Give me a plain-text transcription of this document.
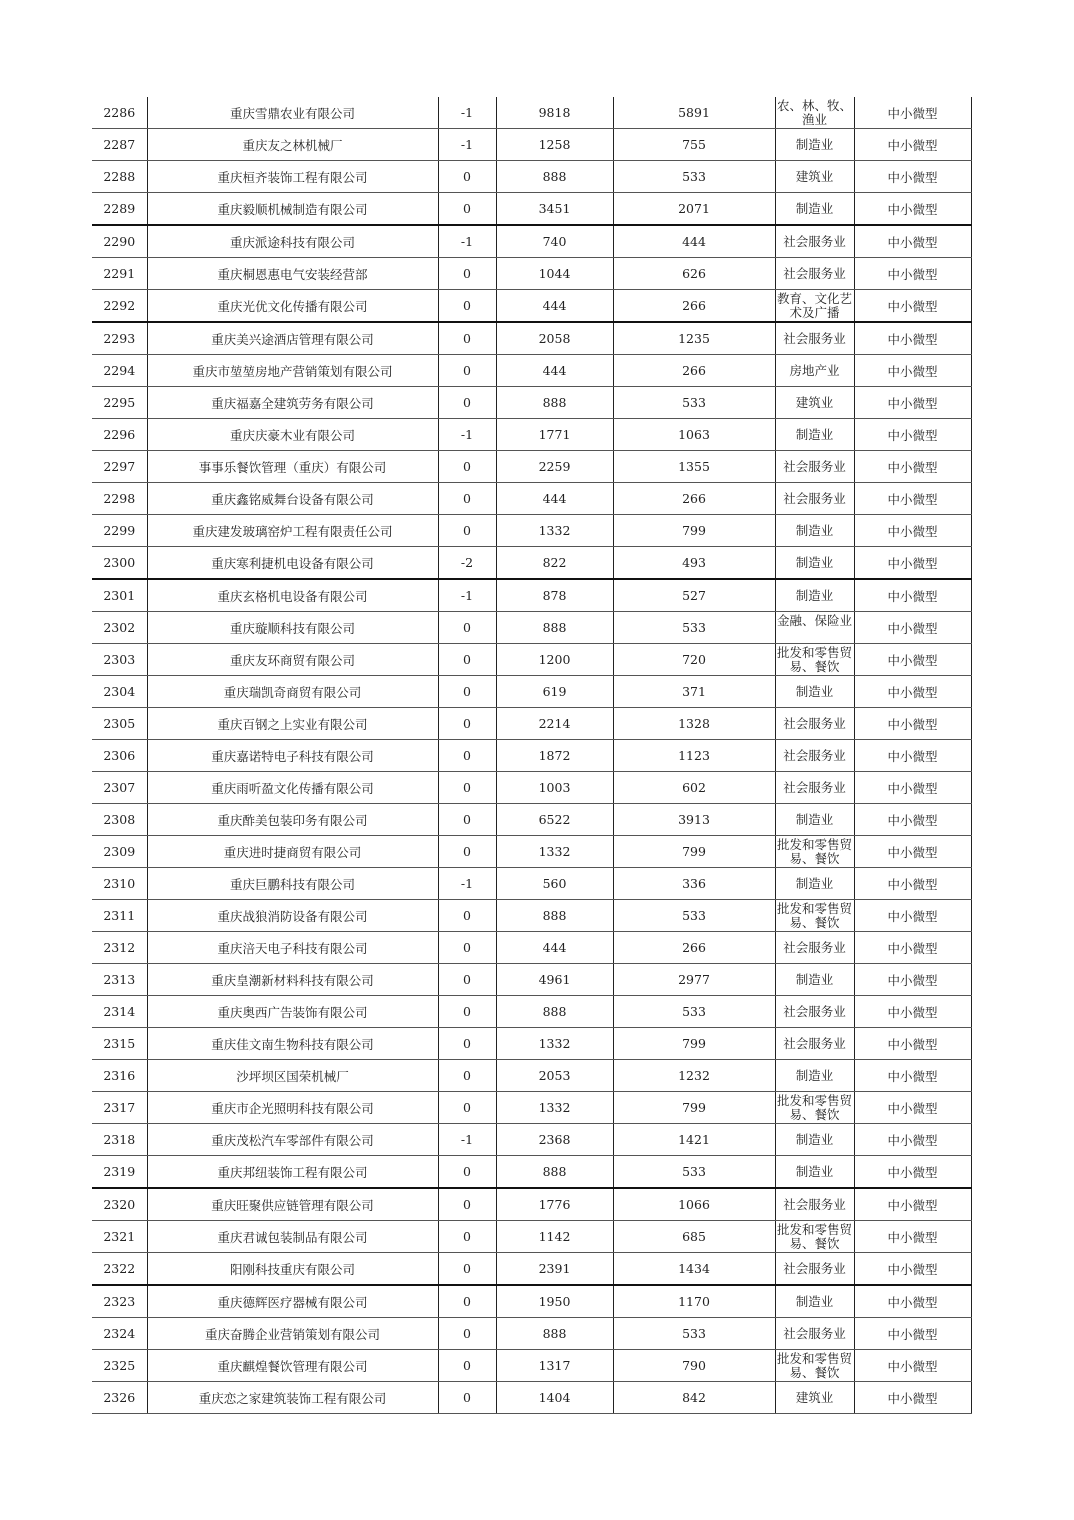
2286	重庆雪鼎农业有限公司	-1	9818	5891	农、林、牧、渔业	中小微型
2287	重庆友之林机械厂	-1	1258	755	制造业	中小微型
2288	重庆桓齐装饰工程有限公司	0	888	533	建筑业	中小微型
2289	重庆毅顺机械制造有限公司	0	3451	2071	制造业	中小微型
2290	重庆派途科技有限公司	-1	740	444	社会服务业	中小微型
2291	重庆桐恩惠电气安装经营部	0	1044	626	社会服务业	中小微型
2292	重庆光优文化传播有限公司	0	444	266	教育、文化艺术及广播	中小微型
2293	重庆美兴途酒店管理有限公司	0	2058	1235	社会服务业	中小微型
2294	重庆市堃堃房地产营销策划有限公司	0	444	266	房地产业	中小微型
2295	重庆福嘉全建筑劳务有限公司	0	888	533	建筑业	中小微型
2296	重庆庆豪木业有限公司	-1	1771	1063	制造业	中小微型
2297	事事乐餐饮管理（重庆）有限公司	0	2259	1355	社会服务业	中小微型
2298	重庆鑫铭威舞台设备有限公司	0	444	266	社会服务业	中小微型
2299	重庆建发玻璃窑炉工程有限责任公司	0	1332	799	制造业	中小微型
2300	重庆寒利捷机电设备有限公司	-2	822	493	制造业	中小微型
2301	重庆玄格机电设备有限公司	-1	878	527	制造业	中小微型
2302	重庆璇顺科技有限公司	0	888	533	金融、保险业	中小微型
2303	重庆友环商贸有限公司	0	1200	720	批发和零售贸易、餐饮	中小微型
2304	重庆瑞凯奇商贸有限公司	0	619	371	制造业	中小微型
2305	重庆百钢之上实业有限公司	0	2214	1328	社会服务业	中小微型
2306	重庆嘉诺特电子科技有限公司	0	1872	1123	社会服务业	中小微型
2307	重庆雨听盈文化传播有限公司	0	1003	602	社会服务业	中小微型
2308	重庆酢美包装印务有限公司	0	6522	3913	制造业	中小微型
2309	重庆进时捷商贸有限公司	0	1332	799	批发和零售贸易、餐饮	中小微型
2310	重庆巨鹏科技有限公司	-1	560	336	制造业	中小微型
2311	重庆战狼消防设备有限公司	0	888	533	批发和零售贸易、餐饮	中小微型
2312	重庆涪天电子科技有限公司	0	444	266	社会服务业	中小微型
2313	重庆皇潮新材料科技有限公司	0	4961	2977	制造业	中小微型
2314	重庆奥西广告装饰有限公司	0	888	533	社会服务业	中小微型
2315	重庆佳文南生物科技有限公司	0	1332	799	社会服务业	中小微型
2316	沙坪坝区国荣机械厂	0	2053	1232	制造业	中小微型
2317	重庆市企光照明科技有限公司	0	1332	799	批发和零售贸易、餐饮	中小微型
2318	重庆茂松汽车零部件有限公司	-1	2368	1421	制造业	中小微型
2319	重庆邦纽装饰工程有限公司	0	888	533	制造业	中小微型
2320	重庆旺聚供应链管理有限公司	0	1776	1066	社会服务业	中小微型
2321	重庆君诚包装制品有限公司	0	1142	685	批发和零售贸易、餐饮	中小微型
2322	阳刚科技重庆有限公司	0	2391	1434	社会服务业	中小微型
2323	重庆德辉医疗器械有限公司	0	1950	1170	制造业	中小微型
2324	重庆奋腾企业营销策划有限公司	0	888	533	社会服务业	中小微型
2325	重庆麒煌餐饮管理有限公司	0	1317	790	批发和零售贸易、餐饮	中小微型
2326	重庆恋之家建筑装饰工程有限公司	0	1404	842	建筑业	中小微型
